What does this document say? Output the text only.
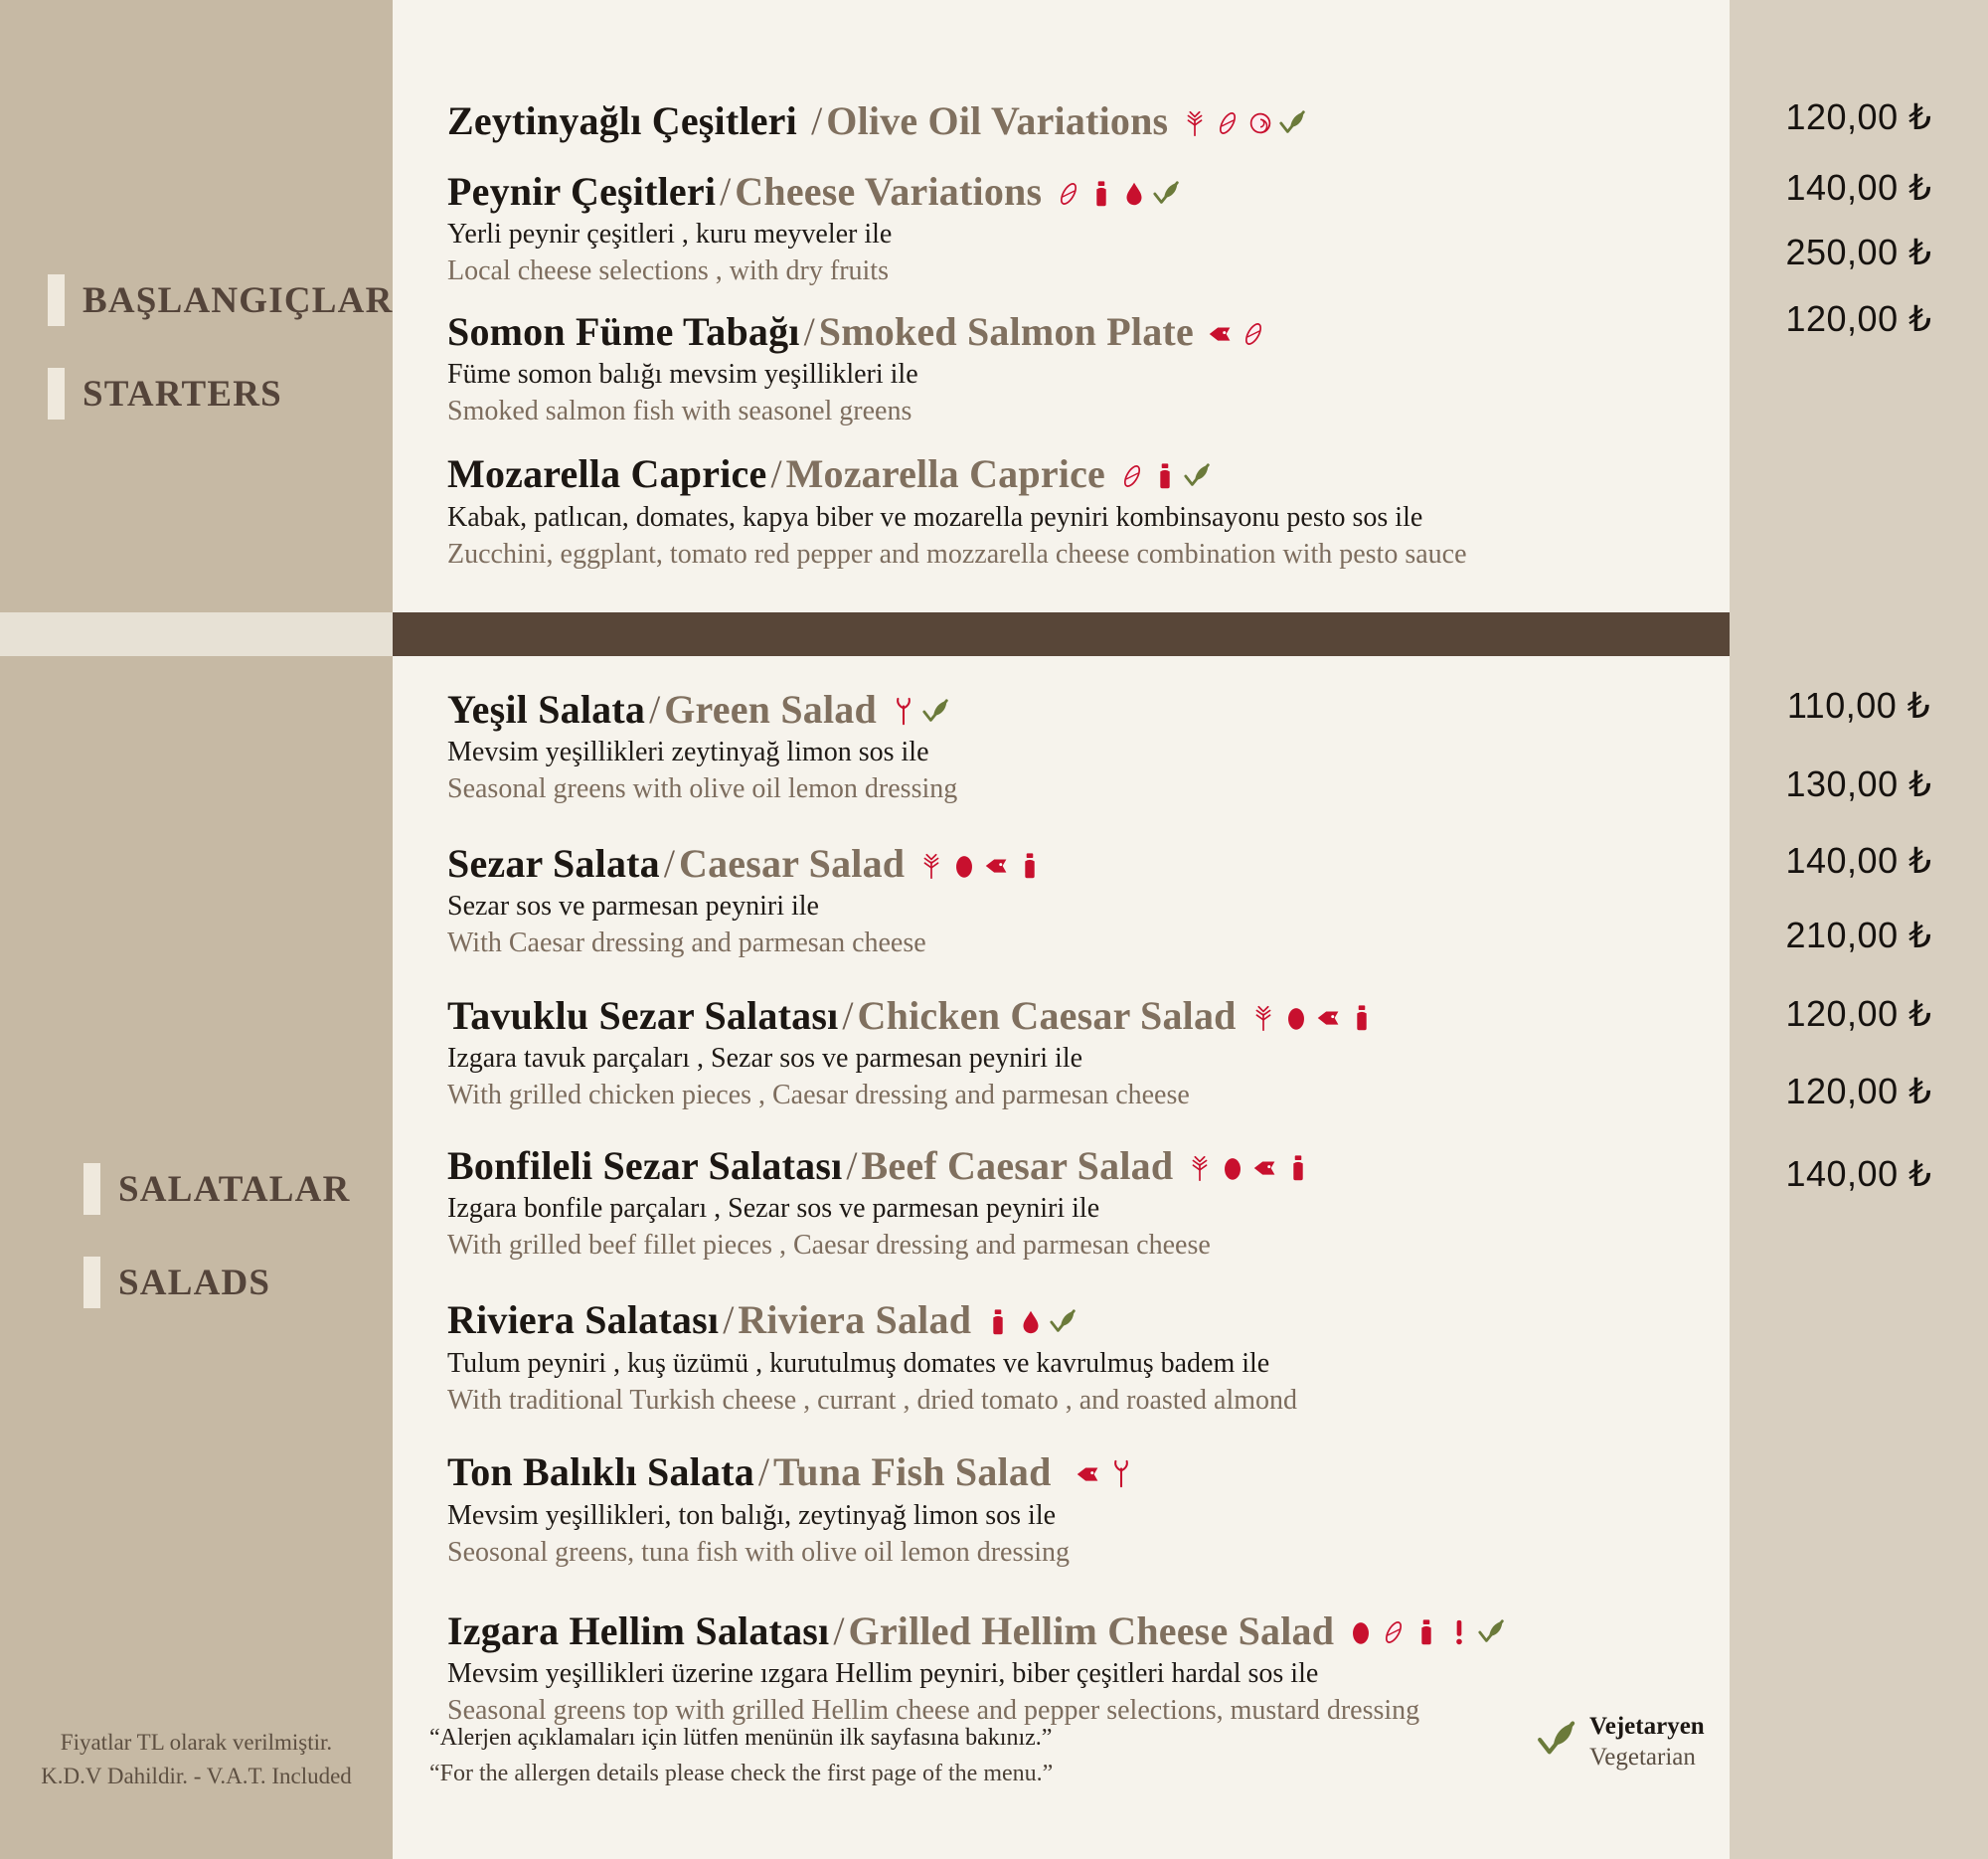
BAŞLANGIÇLAR
STARTERS
SALATALAR
SALADS
Zeytinyağlı Çeşitleri / Olive Oil Variations
Peynir Çeşitleri / Cheese Variations
Yerli peynir çeşitleri , kuru meyveler ile
Local cheese selections , with dry fruits
Somon Füme Tabağı / Smoked Salmon Plate
Füme somon balığı mevsim yeşillikleri ile
Smoked salmon fish with seasonel greens
Mozarella Caprice / Mozarella Caprice
Kabak, patlıcan, domates, kapya biber ve mozarella peyniri kombinsayonu pesto sos ile
Zucchini, eggplant, tomato red pepper and mozzarella cheese combination with pesto sauce
Yeşil Salata / Green Salad
Mevsim yeşillikleri zeytinyağ limon sos ile
Seasonal greens with olive oil lemon dressing
Sezar Salata / Caesar Salad
Sezar sos ve parmesan peyniri ile
With Caesar dressing and parmesan cheese
Tavuklu Sezar Salatası / Chicken Caesar Salad
Izgara tavuk parçaları , Sezar sos ve parmesan peyniri ile
With grilled chicken pieces , Caesar dressing and parmesan cheese
Bonfileli Sezar Salatası / Beef Caesar Salad
Izgara bonfile parçaları , Sezar sos ve parmesan peyniri ile
With grilled beef fillet pieces , Caesar dressing and parmesan cheese
Riviera Salatası / Riviera Salad
Tulum peyniri , kuş üzümü , kurutulmuş domates ve kavrulmuş badem ile
With traditional Turkish cheese , currant , dried tomato , and roasted almond
Ton Balıklı Salata / Tuna Fish Salad
Mevsim yeşillikleri, ton balığı, zeytinyağ limon sos ile
Seosonal greens, tuna fish with olive oil lemon dressing
Izgara Hellim Salatası / Grilled Hellim Cheese Salad
Mevsim yeşillikleri üzerine ızgara Hellim peyniri, biber çeşitleri hardal sos ile
Seasonal greens top with grilled Hellim cheese and pepper selections, mustard dressing
120,00 ₺
140,00 ₺
250,00 ₺
120,00 ₺
110,00 ₺
130,00 ₺
140,00 ₺
210,00 ₺
120,00 ₺
120,00 ₺
140,00 ₺
Fiyatlar TL olarak verilmiştir.
K.D.V Dahildir. - V.A.T. Included
“Alerjen açıklamaları için lütfen menünün ilk sayfasına bakınız.”
“For the allergen details please check the first page of the menu.”
Vejetaryen
Vegetarian
